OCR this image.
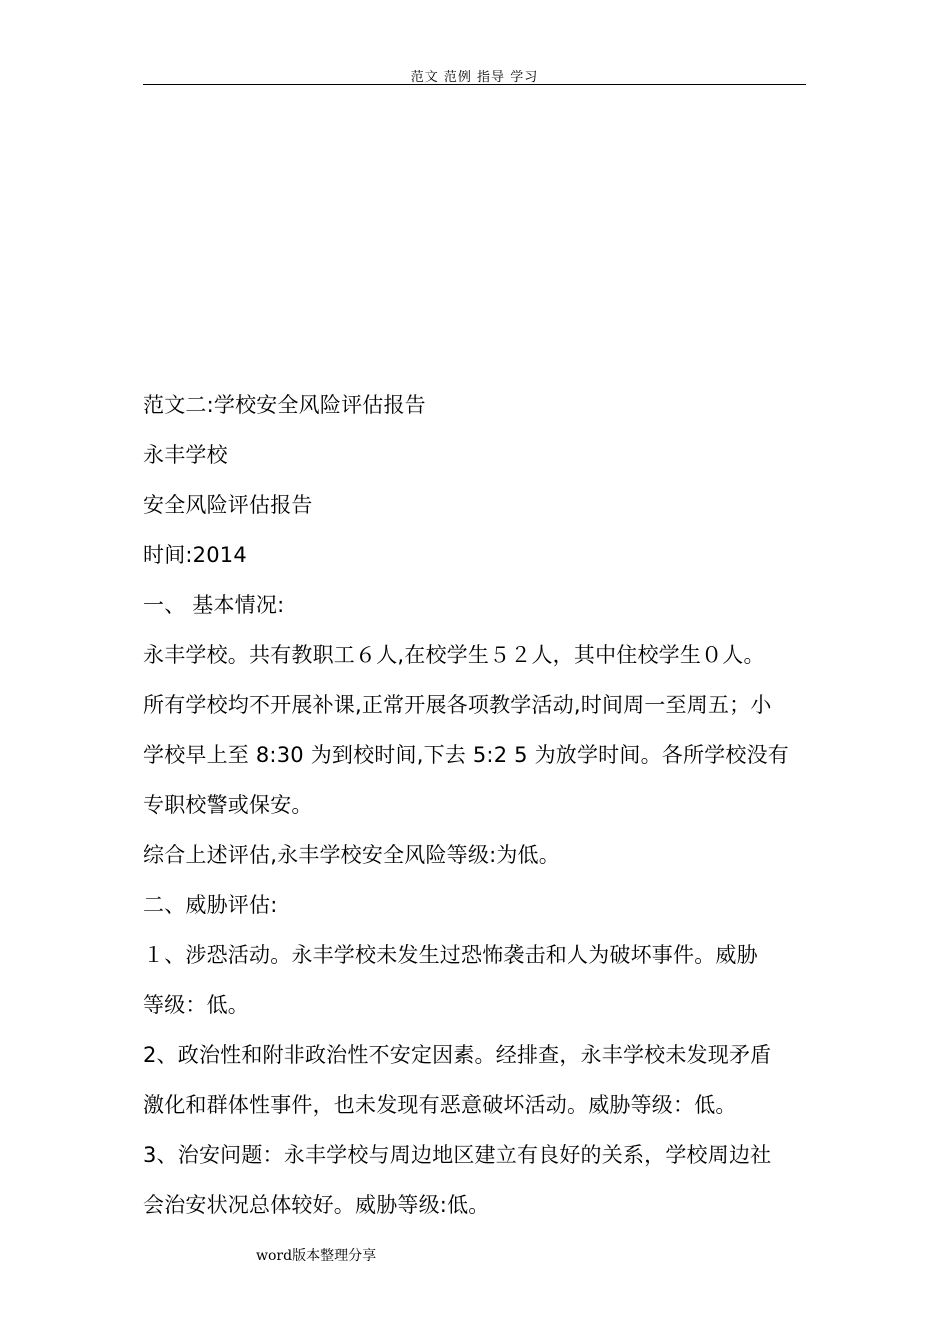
范文 范例 指导 学习
范文二:学校安全风险评估报告
永丰学校
安全风险评估报告
时间:2014
一、 基本情况:
永丰学校。共有教职工６人,在校学生５２人，其中住校学生０人。
所有学校均不开展补课,正常开展各项教学活动,时间周一至周五；小
学校早上至 8:30 为到校时间,下去 5:2 5 为放学时间。各所学校没有
专职校警或保安。
综合上述评估,永丰学校安全风险等级:为低。
二、威胁评估:
１、涉恐活动。永丰学校未发生过恐怖袭击和人为破坏事件。威胁
等级：低。
2、政治性和附非政治性不安定因素。经排查，永丰学校未发现矛盾
激化和群体性事件，也未发现有恶意破坏活动。威胁等级：低。
3、治安问题：永丰学校与周边地区建立有良好的关系，学校周边社
会治安状况总体较好。威胁等级:低。
word版本整理分享
